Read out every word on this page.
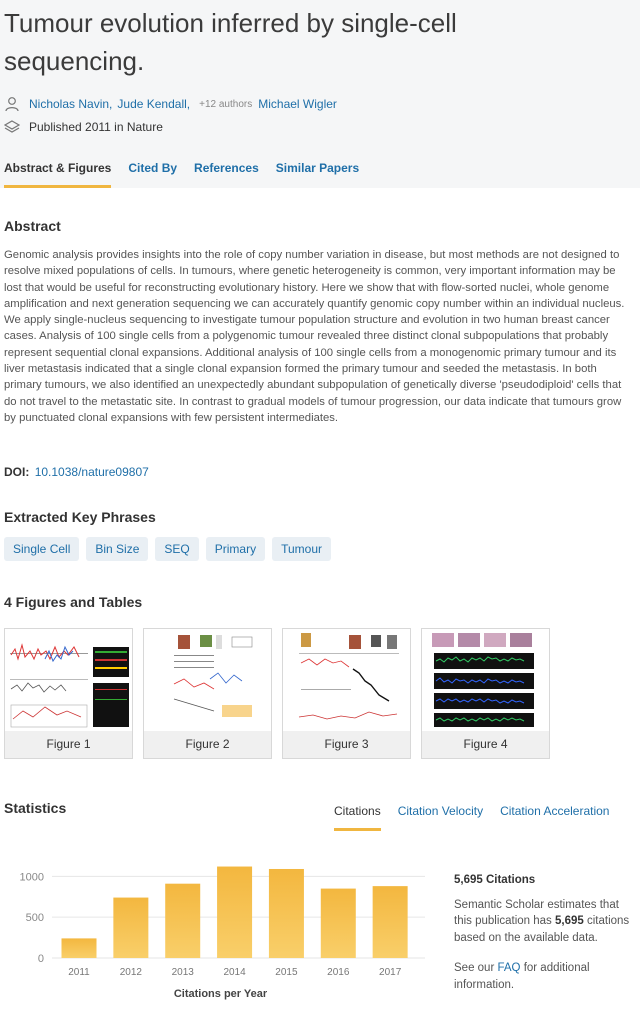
Tumour evolution inferred by single-cell sequencing.
Nicholas Navin , Jude Kendall , +12 authors Michael Wigler
Published 2011 in Nature
Abstract & Figures Cited By References Similar Papers
Abstract

Genomic analysis provides insights into the role of copy number variation in disease, but most methods are not designed to resolve mixed populations of cells. In tumours, where genetic heterogeneity is common, very important information may be lost that would be useful for reconstructing evolutionary history. Here we show that with flow-sorted nuclei, whole genome amplification and next generation sequencing we can accurately quantify genomic copy number within an individual nucleus. We apply single-nucleus sequencing to investigate tumour population structure and evolution in two human breast cancer cases. Analysis of 100 single cells from a polygenomic tumour revealed three distinct clonal subpopulations that probably represent sequential clonal expansions. Additional analysis of 100 single cells from a monogenomic primary tumour and its liver metastasis indicated that a single clonal expansion formed the primary tumour and seeded the metastasis. In both primary tumours, we also identified an unexpectedly abundant subpopulation of genetically diverse 'pseudodiploid' cells that do not travel to the metastatic site. In contrast to gradual models of tumour progression, our data indicate that tumours grow by punctuated clonal expansions with few persistent intermediates.

DOI: 10.1038/nature09807
Extracted Key Phrases
Single Cell	Bin Size	SEQ	Primary	Tumour
4 Figures and Tables
Figure 1	Figure 2	Figure 3	Figure 4
Statistics	Citations Citation Velocity Citation Acceleration
0
500
1000
2011	2012	2013	2014	2015	2016	2017
Citations per Year
5,695 Citations
Semantic Scholar estimates that this publication has 5,695 citations based on the available data.
See our FAQ for additional information.
